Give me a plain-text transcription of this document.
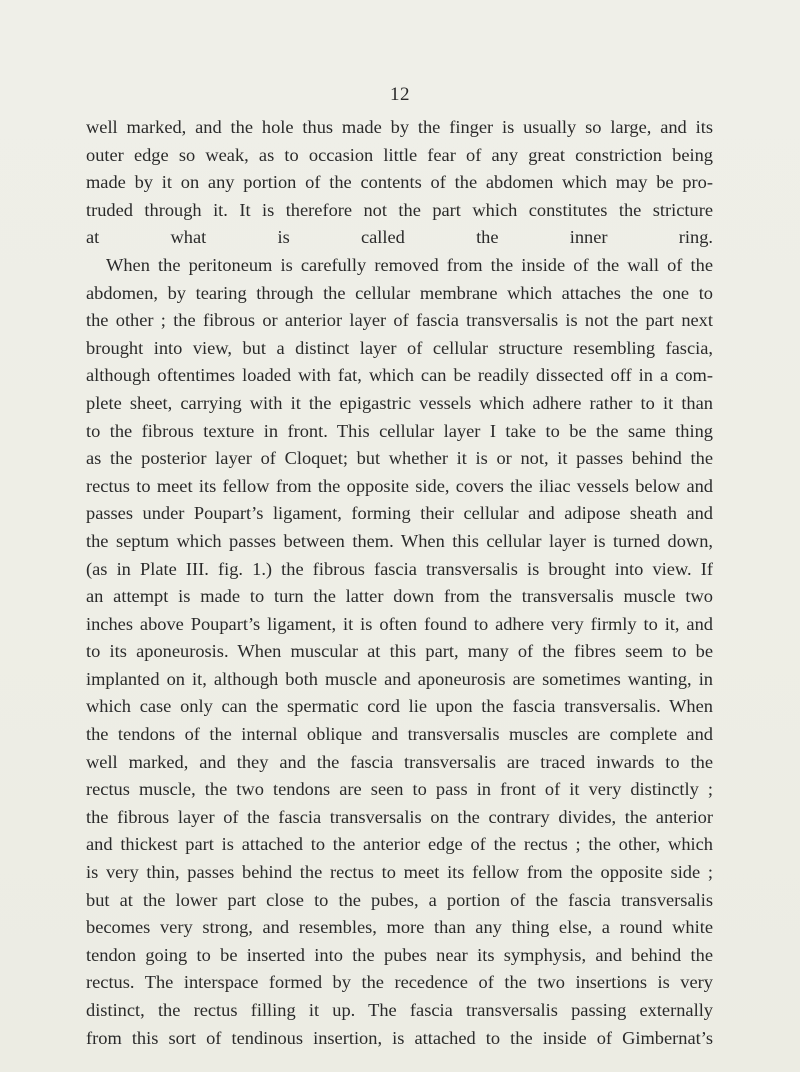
12
well marked, and the hole thus made by the finger is usually so large, and its
outer edge so weak, as to occasion little fear of any great constriction being
made by it on any portion of the contents of the abdomen which may be pro-
truded through it. It is therefore not the part which constitutes the stricture
at what is called the inner ring.
When the peritoneum is carefully removed from the inside of the wall of the
abdomen, by tearing through the cellular membrane which attaches the one to
the other ; the fibrous or anterior layer of fascia transversalis is not the part next
brought into view, but a distinct layer of cellular structure resembling fascia,
although oftentimes loaded with fat, which can be readily dissected off in a com-
plete sheet, carrying with it the epigastric vessels which adhere rather to it than
to the fibrous texture in front. This cellular layer I take to be the same thing
as the posterior layer of Cloquet; but whether it is or not, it passes behind the
rectus to meet its fellow from the opposite side, covers the iliac vessels below and
passes under Poupart’s ligament, forming their cellular and adipose sheath and
the septum which passes between them. When this cellular layer is turned down,
(as in Plate III. fig. 1.) the fibrous fascia transversalis is brought into view. If
an attempt is made to turn the latter down from the transversalis muscle two
inches above Poupart’s ligament, it is often found to adhere very firmly to it, and
to its aponeurosis. When muscular at this part, many of the fibres seem to be
implanted on it, although both muscle and aponeurosis are sometimes wanting, in
which case only can the spermatic cord lie upon the fascia transversalis. When
the tendons of the internal oblique and transversalis muscles are complete and
well marked, and they and the fascia transversalis are traced inwards to the
rectus muscle, the two tendons are seen to pass in front of it very distinctly ;
the fibrous layer of the fascia transversalis on the contrary divides, the anterior
and thickest part is attached to the anterior edge of the rectus ; the other, which
is very thin, passes behind the rectus to meet its fellow from the opposite side ;
but at the lower part close to the pubes, a portion of the fascia transversalis
becomes very strong, and resembles, more than any thing else, a round white
tendon going to be inserted into the pubes near its symphysis, and behind the
rectus. The interspace formed by the recedence of the two insertions is very
distinct, the rectus filling it up. The fascia transversalis passing externally
from this sort of tendinous insertion, is attached to the inside of Gimbernat’s
